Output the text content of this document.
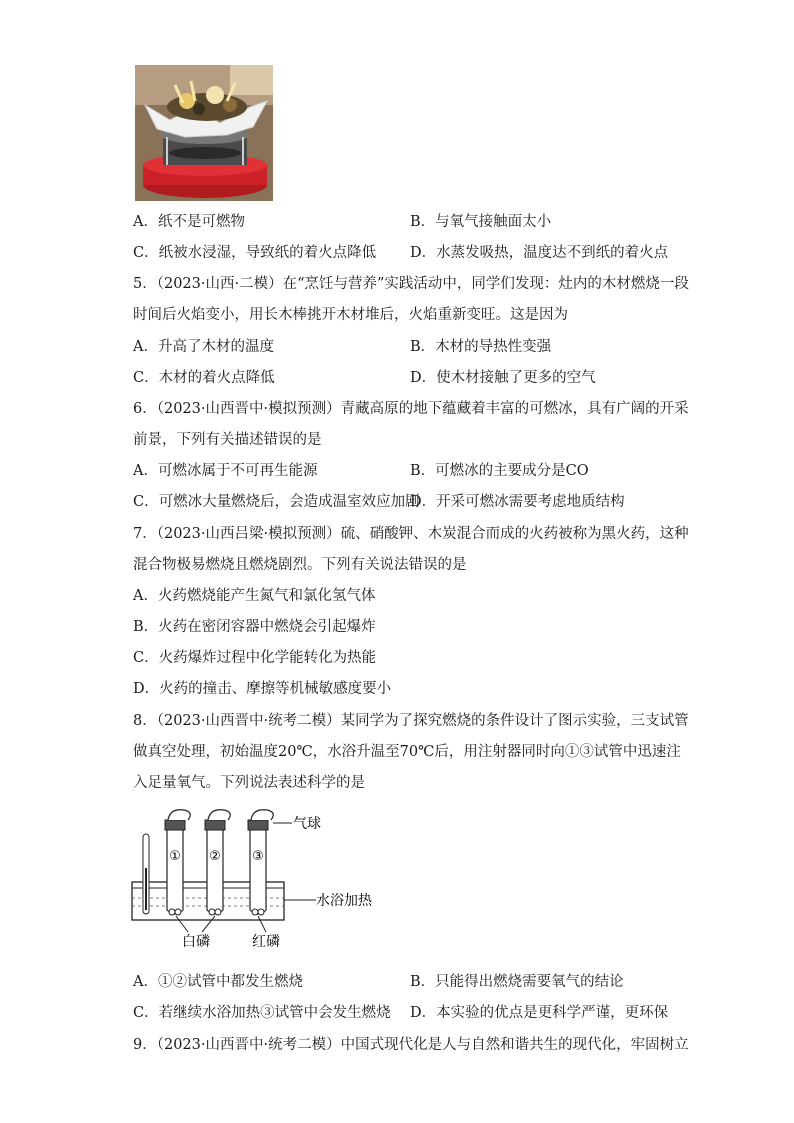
A．纸不是可燃物	B．与氧气接触面太小
C．纸被水浸湿，导致纸的着火点降低 D．水蒸发吸热，温度达不到纸的着火点
5．（2023·山西·二模）在“烹饪与营养”实践活动中，同学们发现：灶内的木材燃烧一段
时间后火焰变小，用长木棒挑开木材堆后，火焰重新变旺。这是因为
A．升高了木材的温度	B．木材的导热性变强
C．木材的着火点降低	D．使木材接触了更多的空气
6．（2023·山西晋中·模拟预测）青藏高原的地下蕴藏着丰富的可燃冰，具有广阔的开采
前景，下列有关描述错误的是
A．可燃冰属于不可再生能源	B．可燃冰的主要成分是CO
C．可燃冰大量燃烧后，会造成温室效应加剧
D．开采可燃冰需要考虑地质结构
7．（2023·山西吕梁·模拟预测）硫、硝酸钾、木炭混合而成的火药被称为黑火药，这种
混合物极易燃烧且燃烧剧烈。下列有关说法错误的是
A．火药燃烧能产生氮气和氯化氢气体
B．火药在密闭容器中燃烧会引起爆炸
C．火药爆炸过程中化学能转化为热能
D．火药的撞击、摩擦等机械敏感度要小
8．（2023·山西晋中·统考二模）某同学为了探究燃烧的条件设计了图示实验，三支试管
做真空处理，初始温度20℃，水浴升温至70℃后，用注射器同时向①③试管中迅速注
入足量氧气。下列说法表述科学的是
① ② ③
气球
水浴加热
白磷	红磷
A．①②试管中都发生燃烧	B．只能得出燃烧需要氧气的结论
C．若继续水浴加热③试管中会发生燃烧 D．本实验的优点是更科学严谨，更环保
9．（2023·山西晋中·统考二模）中国式现代化是人与自然和谐共生的现代化，牢固树立
